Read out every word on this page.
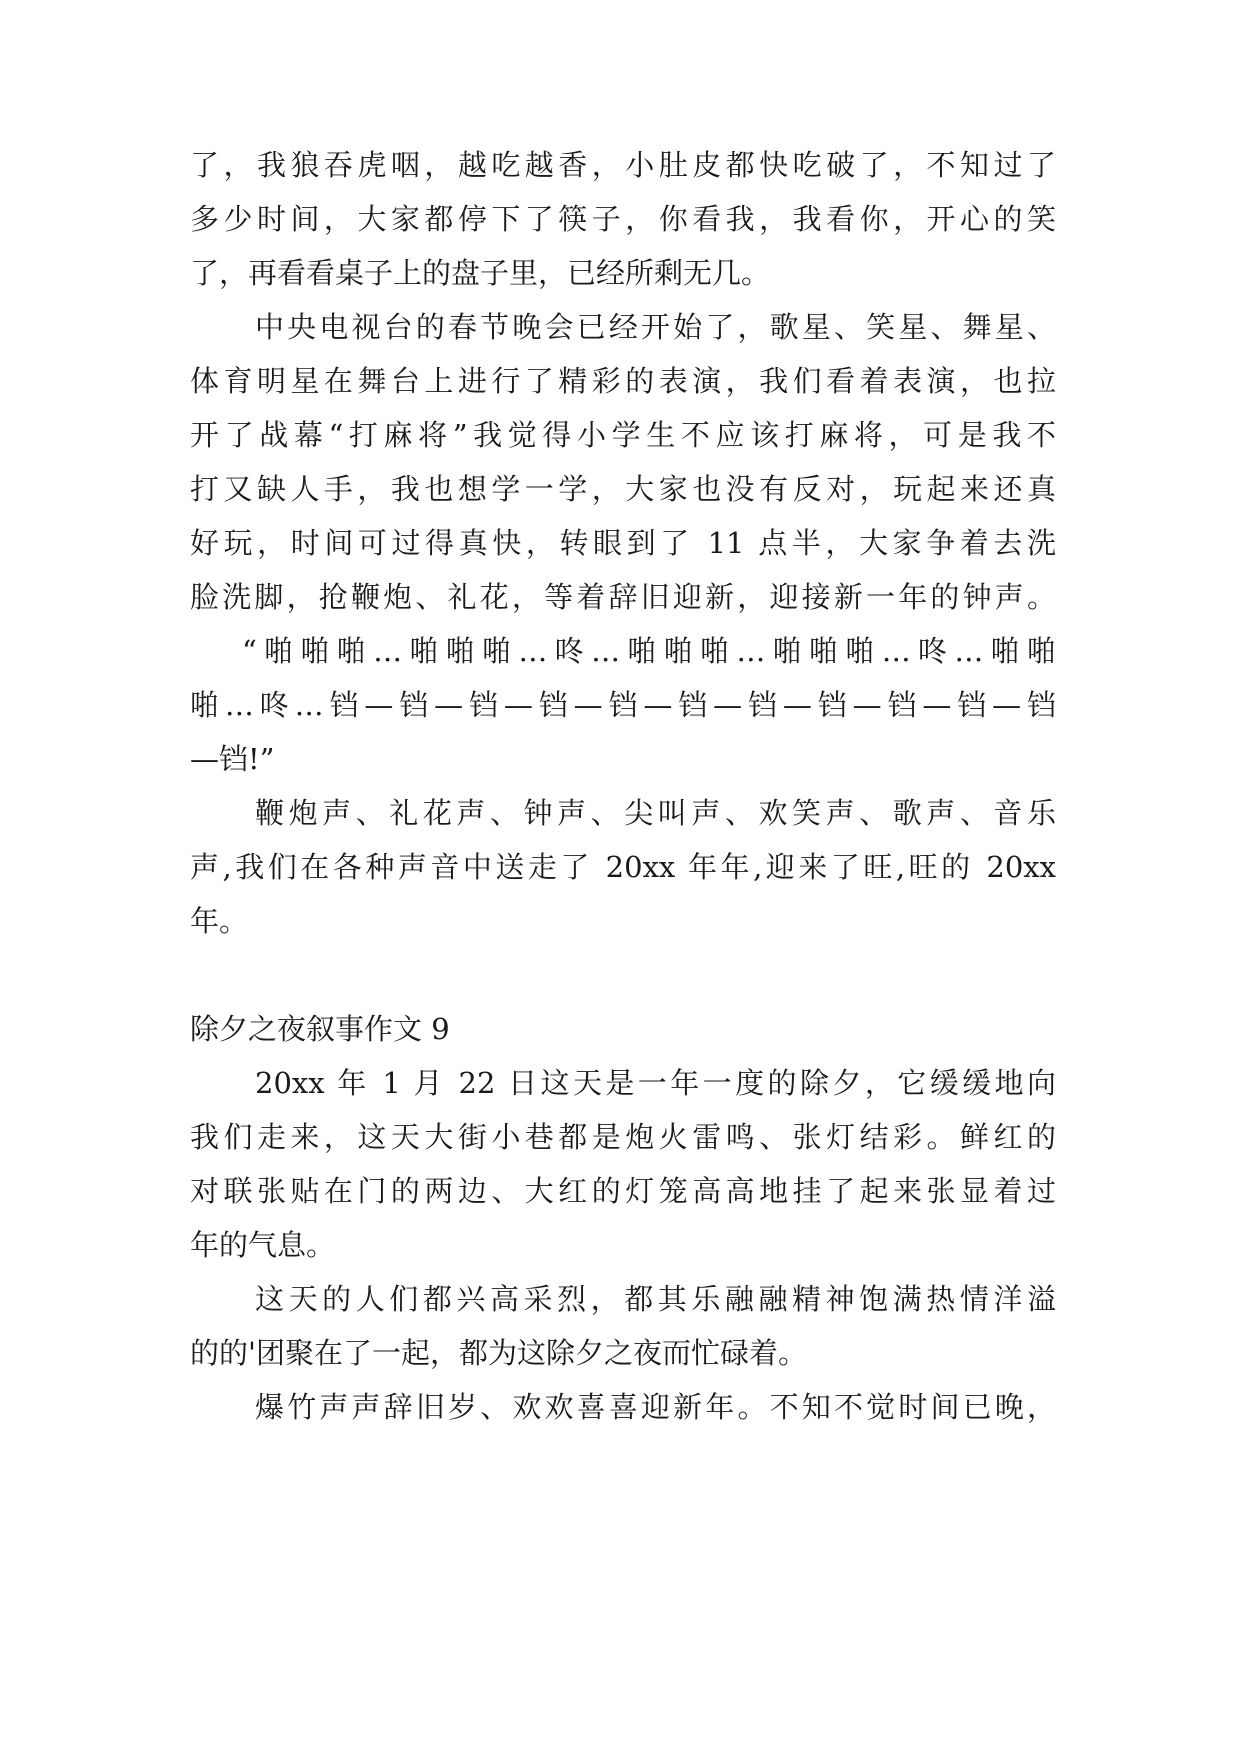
了，我狼吞虎咽，越吃越香，小肚皮都快吃破了，不知过了

多少时间，大家都停下了筷子，你看我，我看你，开心的笑

了，再看看桌子上的盘子里，已经所剩无几。

中央电视台的春节晚会已经开始了，歌星、笑星、舞星、

体育明星在舞台上进行了精彩的表演，我们看着表演，也拉

开了战幕“打麻将”我觉得小学生不应该打麻将，可是我不

打又缺人手，我也想学一学，大家也没有反对，玩起来还真

好玩，时间可过得真快，转眼到了 11 点半，大家争着去洗

脸洗脚，抢鞭炮、礼花，等着辞旧迎新，迎接新一年的钟声。

“啪啪啪…啪啪啪…咚…啪啪啪…啪啪啪…咚…啪啪

啪…咚…铛—铛—铛—铛—铛—铛—铛—铛—铛—铛—铛

—铛!”

鞭炮声、礼花声、钟声、尖叫声、欢笑声、歌声、音乐

声,我们在各种声音中送走了 20xx 年年,迎来了旺,旺的 20xx

年。

除夕之夜叙事作文 9

20xx 年 1 月 22 日这天是一年一度的除夕，它缓缓地向

我们走来，这天大街小巷都是炮火雷鸣、张灯结彩。鲜红的

对联张贴在门的两边、大红的灯笼高高地挂了起来张显着过

年的气息。

这天的人们都兴高采烈，都其乐融融精神饱满热情洋溢

的的'团聚在了一起，都为这除夕之夜而忙碌着。

爆竹声声辞旧岁、欢欢喜喜迎新年。不知不觉时间已晚，
